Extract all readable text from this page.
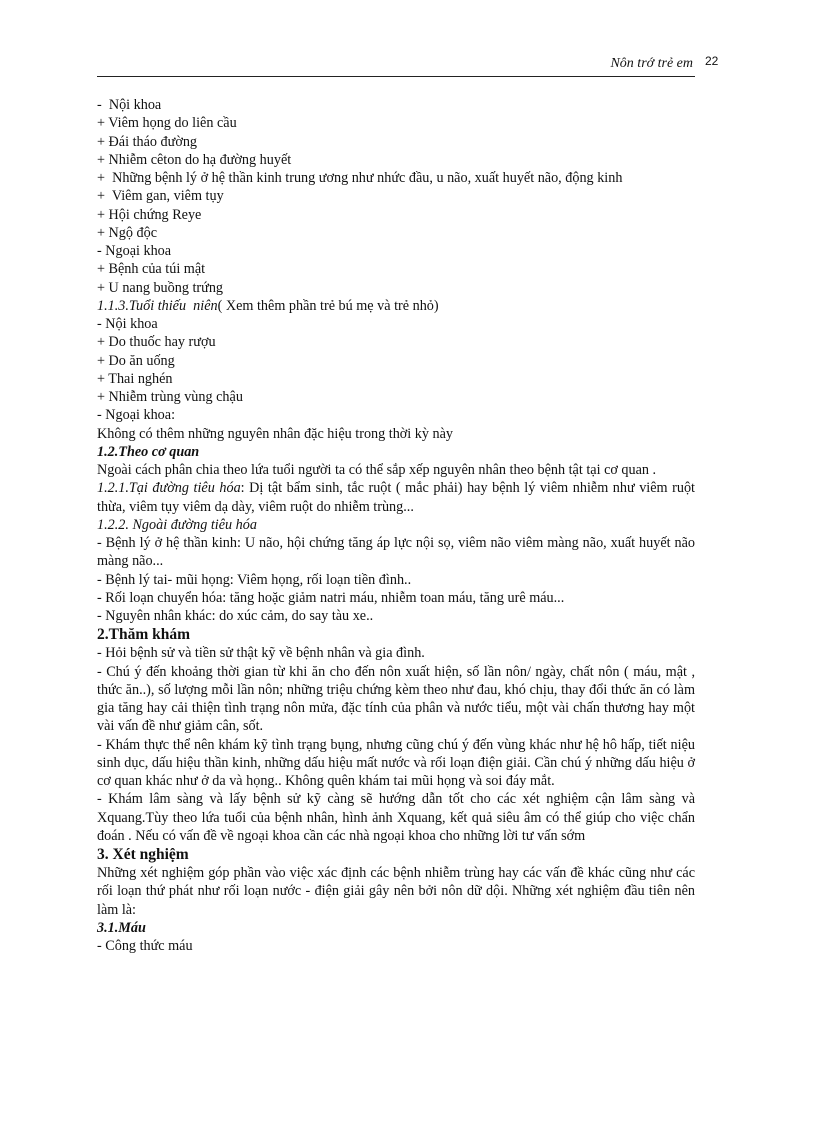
Nôn trớ trẻ em 22
-  Nội khoa
+ Viêm họng do liên cầu
+ Đái tháo đường
+ Nhiễm cêton do hạ đường huyết
+  Những bệnh lý ở hệ thần kinh trung ương như nhức đầu, u não, xuất huyết não, động kinh
+  Viêm gan, viêm tụy
+ Hội chứng Reye
+ Ngộ độc
- Ngoại khoa
+ Bệnh của túi mật
+ U nang buồng trứng
1.1.3.Tuổi thiếu  niên( Xem thêm phần trẻ bú mẹ và trẻ nhỏ)
- Nội khoa
+ Do thuốc hay rượu
+ Do ăn uống
+ Thai nghén
+ Nhiễm trùng vùng chậu
- Ngoại khoa:
Không có thêm những nguyên nhân đặc hiệu trong thời kỳ này
1.2.Theo cơ quan
Ngoài cách phân chia theo lứa tuổi người ta có thể sắp xếp nguyên nhân theo bệnh tật tại cơ quan .
1.2.1.Tại đường tiêu hóa: Dị tật bẩm sinh, tắc ruột ( mắc phải) hay bệnh lý viêm nhiễm như viêm ruột thừa, viêm tụy viêm dạ dày, viêm ruột do nhiễm trùng...
1.2.2. Ngoài đường tiêu hóa
- Bệnh lý ở hệ thần kinh: U não, hội chứng tăng áp lực nội sọ, viêm não viêm màng não, xuất huyết não màng não...
- Bệnh lý tai- mũi họng: Viêm họng, rối loạn tiền đình..
- Rối loạn chuyển hóa: tăng hoặc giảm natri máu, nhiễm toan máu, tăng urê máu...
- Nguyên nhân khác: do xúc cảm, do say tàu xe..
2.Thăm khám
- Hỏi bệnh sử và tiền sử thật kỹ về bệnh nhân và gia đình.
- Chú ý đến khoảng thời gian từ khi ăn cho đến nôn xuất hiện, số lần nôn/ ngày, chất nôn ( máu, mật , thức ăn..), số lượng mỗi lần nôn; những triệu chứng kèm theo như đau, khó chịu, thay đổi thức ăn có làm gia tăng hay cải thiện tình trạng nôn mửa, đặc tính của phân và nước tiểu, một vài chấn thương hay một vài vấn đề như giảm cân, sốt.
- Khám thực thể nên khám kỹ tình trạng bụng, nhưng cũng chú ý đến vùng khác như hệ hô hấp, tiết niệu sinh dục, dấu hiệu thần kinh, những dấu hiệu mất nước và rối loạn điện giải. Cần chú ý những dấu hiệu ở cơ quan khác như ở da và họng.. Không quên khám tai mũi họng và soi đáy mắt.
- Khám lâm sàng và lấy bệnh sử kỹ càng sẽ hướng dẫn tốt cho các xét nghiệm cận lâm sàng và Xquang.Tùy theo lứa tuổi của bệnh nhân, hình ảnh Xquang, kết quả siêu âm có thể giúp cho việc chẩn đoán . Nếu có vấn đề về ngoại khoa cần các nhà ngoại khoa cho những lời tư vấn sớm
3. Xét nghiệm
Những xét nghiệm góp phần vào việc xác định các bệnh nhiễm trùng hay các vấn đề khác cũng như các rối loạn thứ phát như rối loạn nước - điện giải gây nên bởi nôn dữ dội. Những xét nghiệm đầu tiên nên làm là:
3.1.Máu
- Công thức máu
